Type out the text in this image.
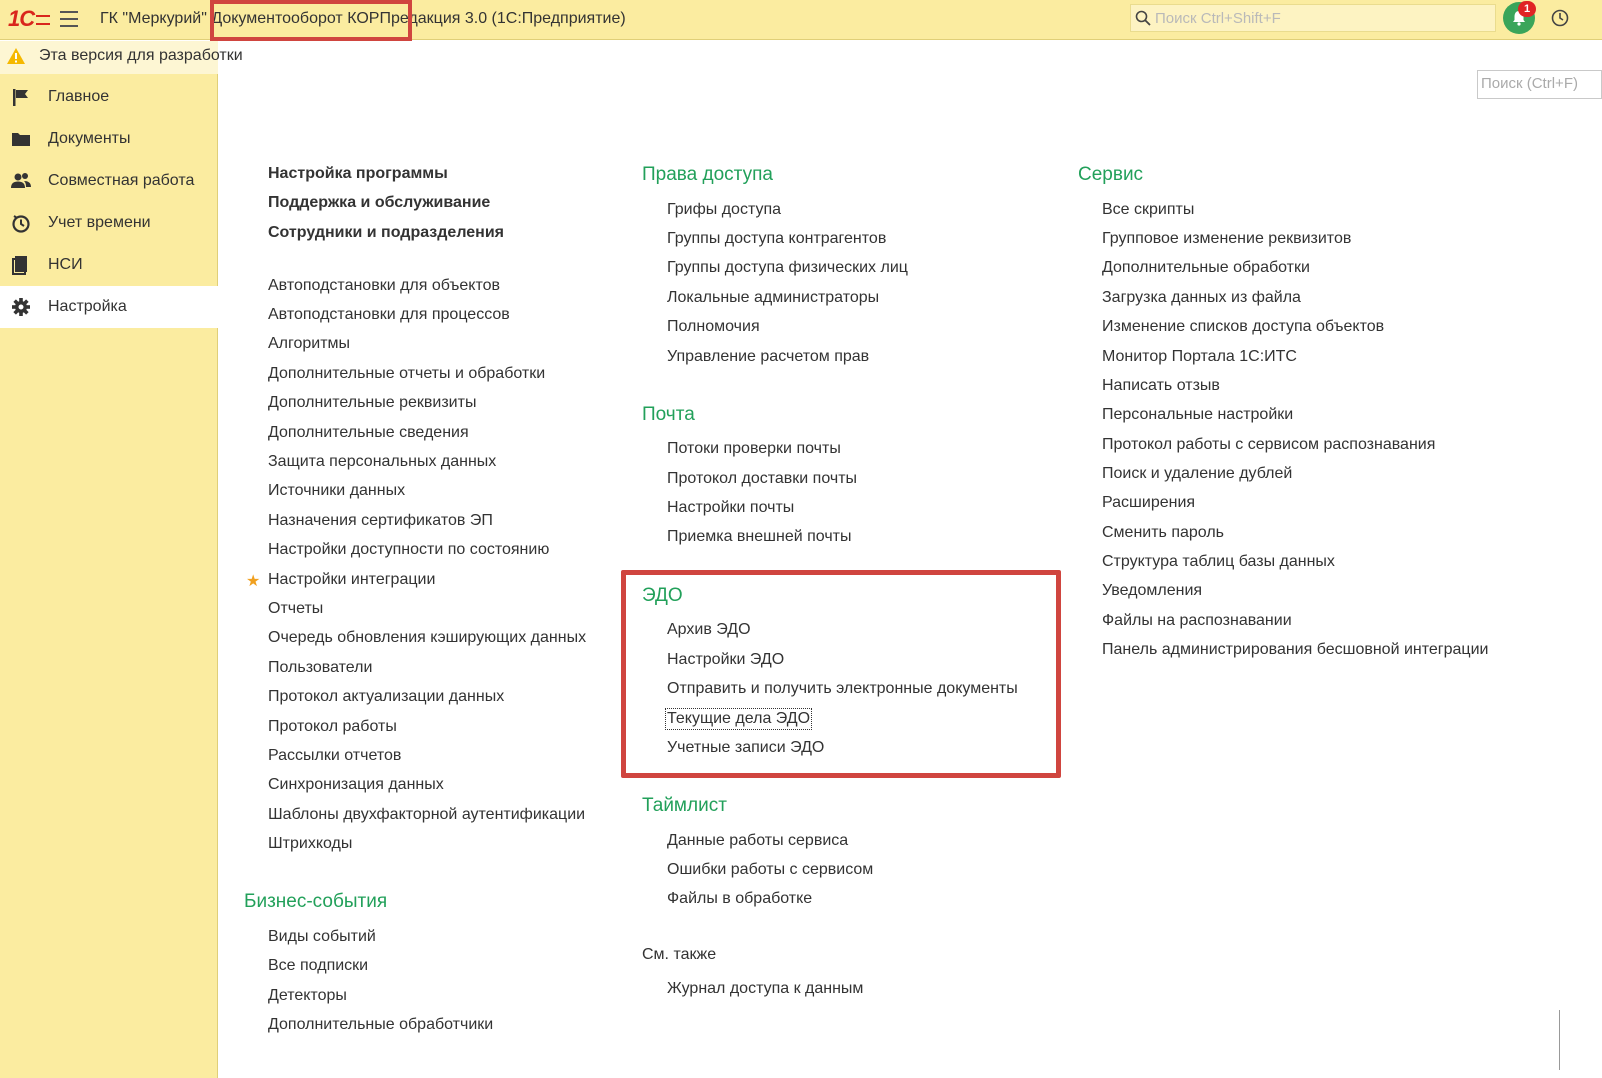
1C	ГК "Меркурий" Документооборот КОРПредакция 3.0 (1С:Предприятие)
Поиск Ctrl+Shift+F
1
Эта версия для разработки
Главное
Документы
Совместная работа
Учет времени
НСИ
Настройка
Поиск (Ctrl+F)
Настройка программы
Поддержка и обслуживание
Сотрудники и подразделения
Автоподстановки для объектов
Автоподстановки для процессов
Алгоритмы
Дополнительные отчеты и обработки
Дополнительные реквизиты
Дополнительные сведения
Защита персональных данных
Источники данных
Назначения сертификатов ЭП
Настройки доступности по состоянию
★ Настройки интеграции
Отчеты
Очередь обновления кэширующих данных
Пользователи
Протокол актуализации данных
Протокол работы
Рассылки отчетов
Синхронизация данных
Шаблоны двухфакторной аутентификации
Штрихкоды
Бизнес-события
Виды событий
Все подписки
Детекторы
Дополнительные обработчики
Права доступа
Грифы доступа
Группы доступа контрагентов
Группы доступа физических лиц
Локальные администраторы
Полномочия
Управление расчетом прав
Почта
Потоки проверки почты
Протокол доставки почты
Настройки почты
Приемка внешней почты
ЭДО
Архив ЭДО
Настройки ЭДО
Отправить и получить электронные документы
Текущие дела ЭДО
Учетные записи ЭДО
Таймлист
Данные работы сервиса
Ошибки работы с сервисом
Файлы в обработке
См. также
Журнал доступа к данным
Сервис
Все скрипты
Групповое изменение реквизитов
Дополнительные обработки
Загрузка данных из файла
Изменение списков доступа объектов
Монитор Портала 1С:ИТС
Написать отзыв
Персональные настройки
Протокол работы с сервисом распознавания
Поиск и удаление дублей
Расширения
Сменить пароль
Структура таблиц базы данных
Уведомления
Файлы на распознавании
Панель администрирования бесшовной интеграции
